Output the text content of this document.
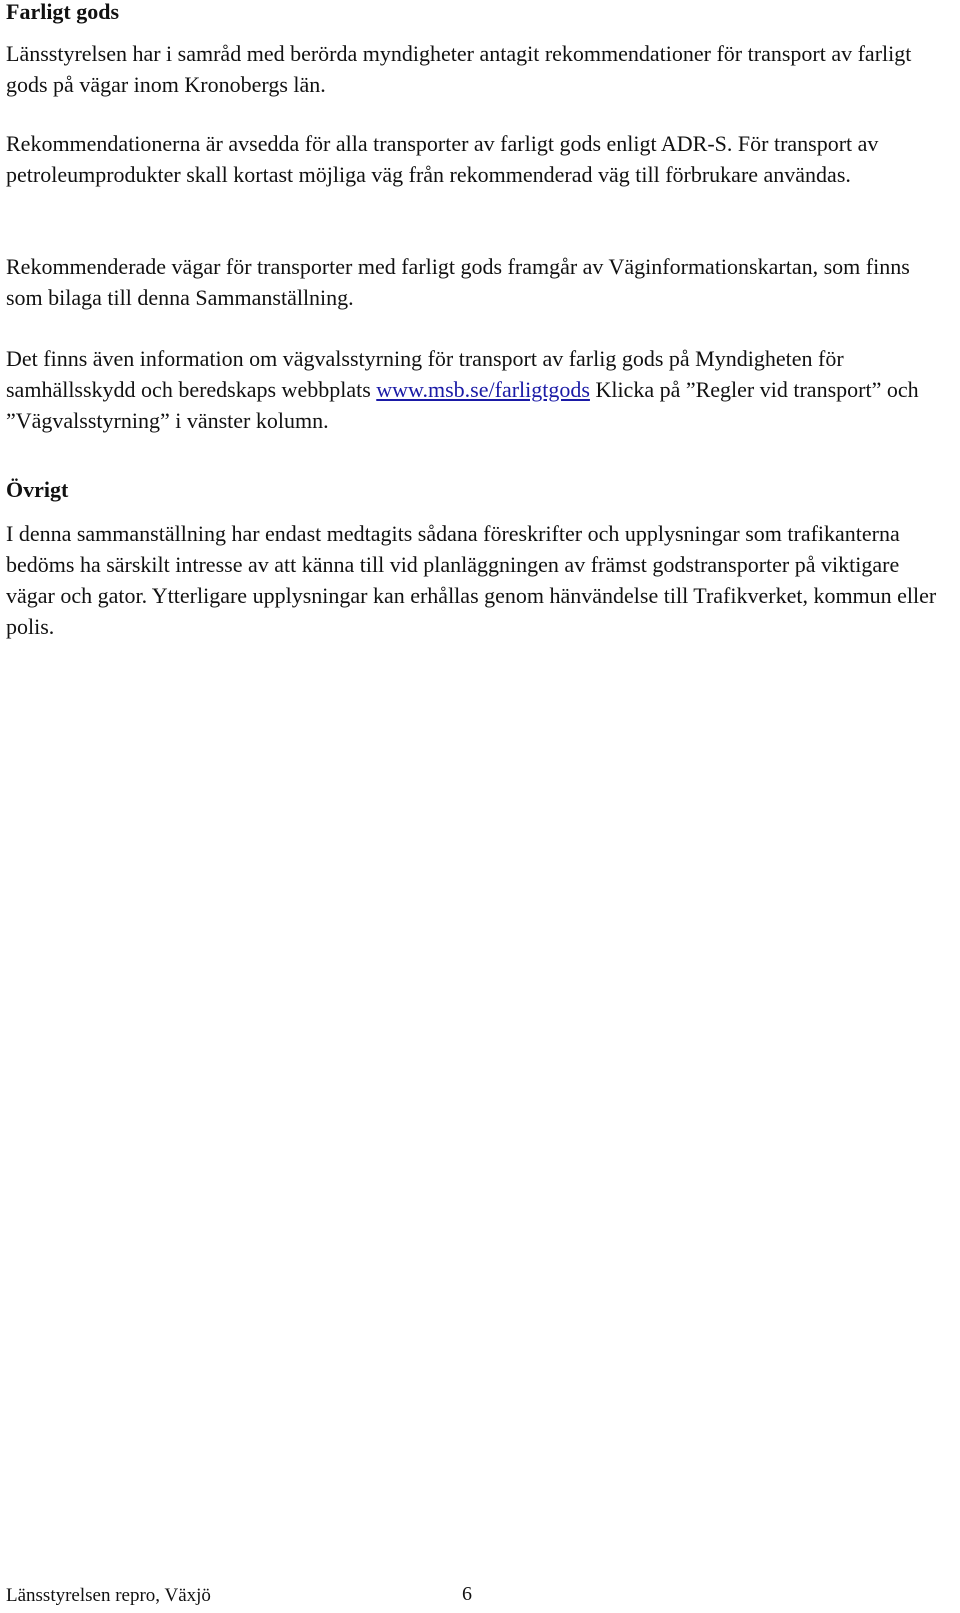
Farligt gods

Länsstyrelsen har i samråd med berörda myndigheter antagit rekommendationer för transport av farligt gods på vägar inom Kronobergs län.

Rekommendationerna är avsedda för alla transporter av farligt gods enligt ADR-S. För transport av petroleumprodukter skall kortast möjliga väg från rekommenderad väg till förbrukare användas.

Rekommenderade vägar för transporter med farligt gods framgår av Väginformationskartan, som finns som bilaga till denna Sammanställning.

Det finns även information om vägvalsstyrning för transport av farlig gods på Myndigheten för samhällsskydd och beredskaps webbplats www.msb.se/farligtgods Klicka på ”Regler vid transport” och ”Vägvalsstyrning” i vänster kolumn.

Övrigt

I denna sammanställning har endast medtagits sådana föreskrifter och upplysningar som trafikanterna bedöms ha särskilt intresse av att känna till vid planläggningen av främst godstransporter på viktigare vägar och gator. Ytterligare upplysningar kan erhållas genom hänvändelse till Trafikverket, kommun eller polis.

Länsstyrelsen repro, Växjö	6
